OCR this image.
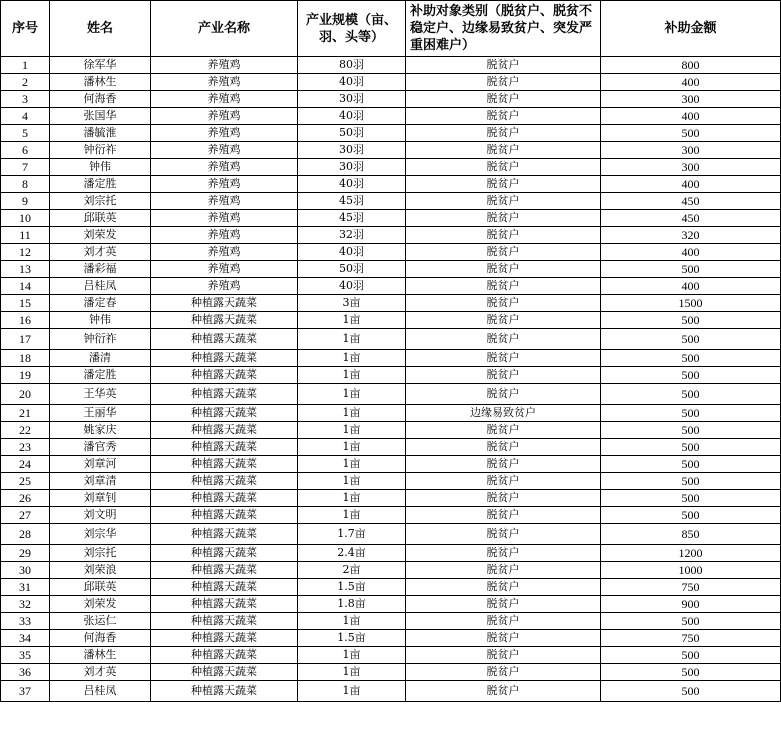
序号	姓名	产业名称	产业规模（亩、羽、头等）	补助对象类别（脱贫户、脱贫不稳定户、边缘易致贫户、突发严重困难户）	补助金额
1	徐军华	养殖鸡	80羽	脱贫户	800
2	潘林生	养殖鸡	40羽	脱贫户	400
3	何海香	养殖鸡	30羽	脱贫户	300
4	张国华	养殖鸡	40羽	脱贫户	400
5	潘毓淮	养殖鸡	50羽	脱贫户	500
6	钟衍祚	养殖鸡	30羽	脱贫户	300
7	钟伟	养殖鸡	30羽	脱贫户	300
8	潘定胜	养殖鸡	40羽	脱贫户	400
9	刘宗托	养殖鸡	45羽	脱贫户	450
10	邱联英	养殖鸡	45羽	脱贫户	450
11	刘荣发	养殖鸡	32羽	脱贫户	320
12	刘才英	养殖鸡	40羽	脱贫户	400
13	潘彩福	养殖鸡	50羽	脱贫户	500
14	吕桂凤	养殖鸡	40羽	脱贫户	400
15	潘定春	种植露天蔬菜	3亩	脱贫户	1500
16	钟伟	种植露天蔬菜	1亩	脱贫户	500
17	钟衍祚	种植露天蔬菜	1亩	脱贫户	500
18	潘清	种植露天蔬菜	1亩	脱贫户	500
19	潘定胜	种植露天蔬菜	1亩	脱贫户	500
20	王华英	种植露天蔬菜	1亩	脱贫户	500
21	王丽华	种植露天蔬菜	1亩	边缘易致贫户	500
22	姚家庆	种植露天蔬菜	1亩	脱贫户	500
23	潘官秀	种植露天蔬菜	1亩	脱贫户	500
24	刘章河	种植露天蔬菜	1亩	脱贫户	500
25	刘章清	种植露天蔬菜	1亩	脱贫户	500
26	刘章钊	种植露天蔬菜	1亩	脱贫户	500
27	刘文明	种植露天蔬菜	1亩	脱贫户	500
28	刘宗华	种植露天蔬菜	1.7亩	脱贫户	850
29	刘宗托	种植露天蔬菜	2.4亩	脱贫户	1200
30	刘荣浪	种植露天蔬菜	2亩	脱贫户	1000
31	邱联英	种植露天蔬菜	1.5亩	脱贫户	750
32	刘荣发	种植露天蔬菜	1.8亩	脱贫户	900
33	张运仁	种植露天蔬菜	1亩	脱贫户	500
34	何海香	种植露天蔬菜	1.5亩	脱贫户	750
35	潘林生	种植露天蔬菜	1亩	脱贫户	500
36	刘才英	种植露天蔬菜	1亩	脱贫户	500
37	吕桂凤	种植露天蔬菜	1亩	脱贫户	500
